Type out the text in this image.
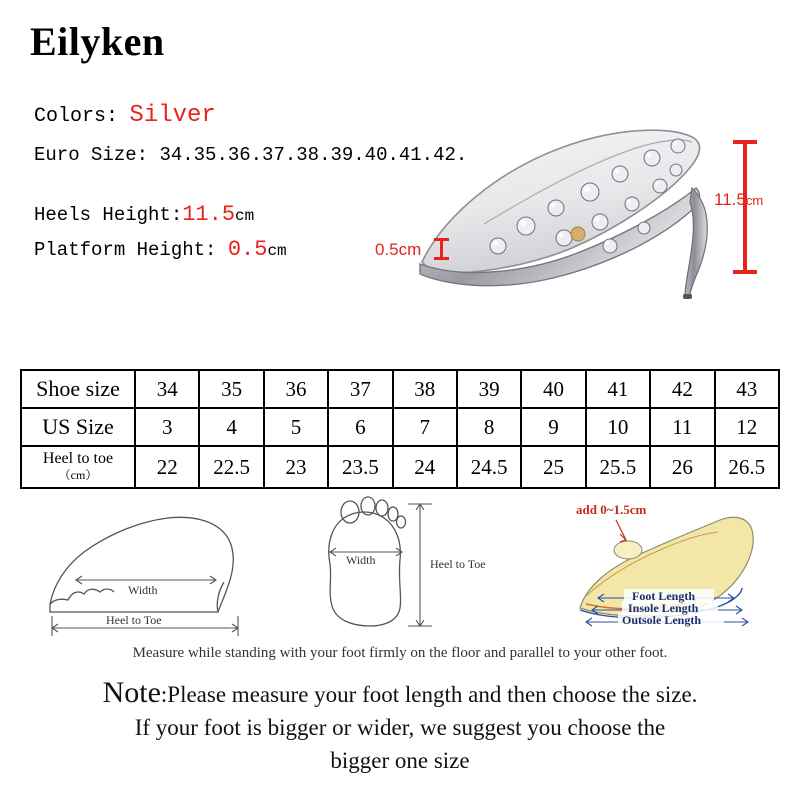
Eilyken
Colors: Silver
Euro Size: 34.35.36.37.38.39.40.41.42.
Heels Height:11.5cm
Platform Height: 0.5cm
11.5cm
0.5cm
Shoe size	34	35	36	37	38	39	40	41	42	43
US Size	3	4	5	6	7	8	9	10	11	12
Heel to toe
（cm）	22	22.5	23	23.5	24	24.5	25	25.5	26	26.5
Width
Heel to Toe
Width	Heel to Toe
add 0~1.5cm
Foot Length
Insole Length
Outsole Length
Measure while standing with your foot firmly on the floor and parallel to your other foot.
Note:Please measure your foot length and then choose the size.
If your foot is bigger or wider, we suggest you choose the
bigger one size
